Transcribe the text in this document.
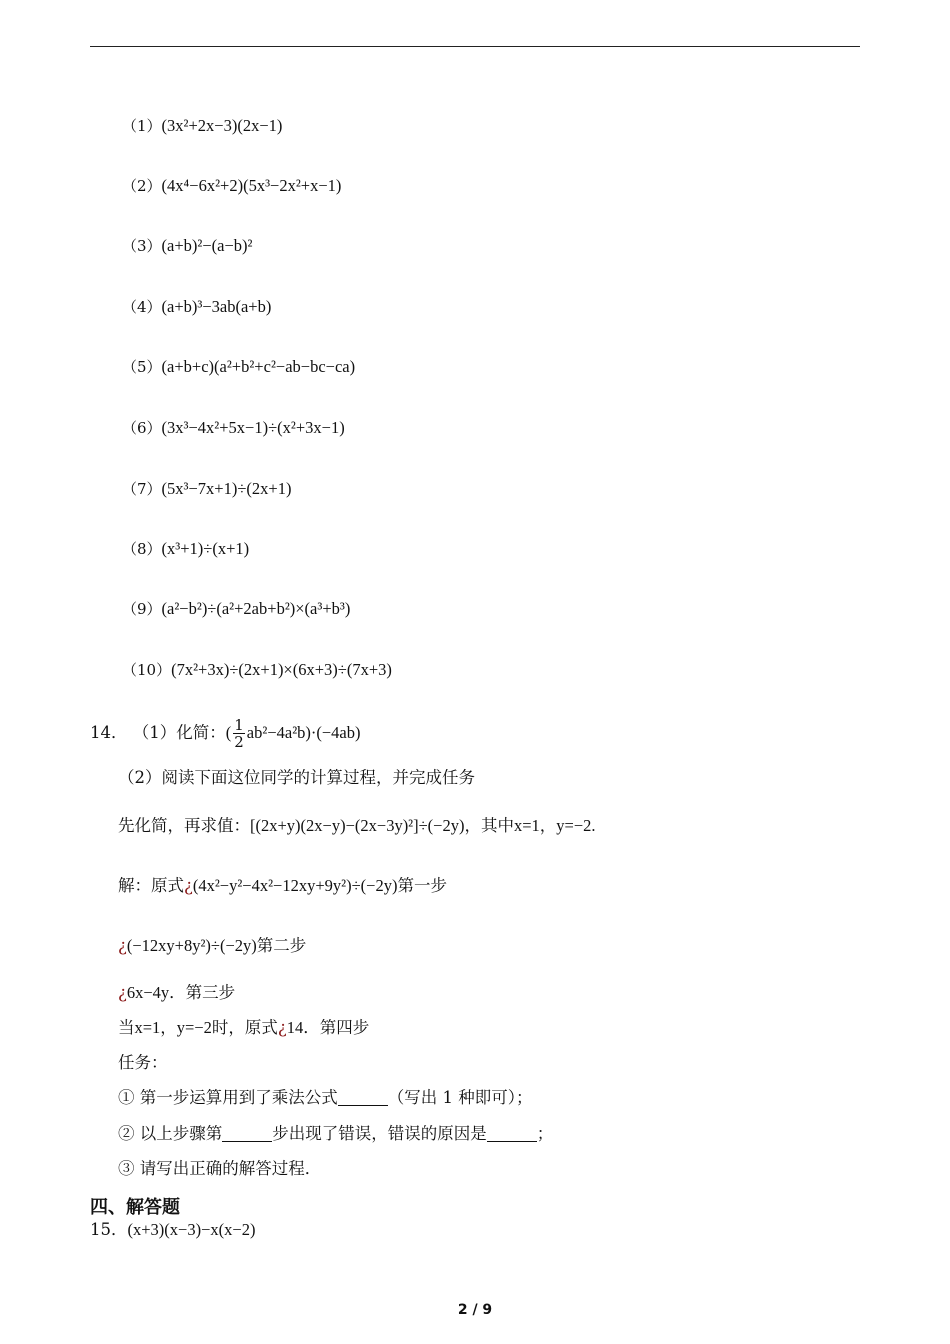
（1）(3x²+2x−3)(2x−1)
（2）(4x⁴−6x²+2)(5x³−2x²+x−1)
（3）(a+b)²−(a−b)²
（4）(a+b)³−3ab(a+b)
（5）(a+b+c)(a²+b²+c²−ab−bc−ca)
（6）(3x³−4x²+5x−1)÷(x²+3x−1)
（7）(5x³−7x+1)÷(2x+1)
（8）(x³+1)÷(x+1)
（9）(a²−b²)÷(a²+2ab+b²)×(a³+b³)
（10）(7x²+3x)÷(2x+1)×(6x+3)÷(7x+3)
14． （1）化简：( $\frac{1}{2} ab^2-4a^2b)\cdot(-4ab)$
（2）阅读下面这位同学的计算过程，并完成任务
先化简，再求值：[(2x+y)(2x−y)−(2x−3y)²]÷(−2y)，其中x=1，y=−2.
解：原式¿(4x²−y²−4x²−12xy+9y²)÷(−2y)第一步
¿(−12xy+8y²)÷(−2y)第二步
¿6x−4y．第三步
当x=1，y=−2时，原式¿14．第四步
任务：
① 第一步运算用到了乘法公式	（写出 1 种即可）；
② 以上步骤第	步出现了错误，错误的原因是	；
③ 请写出正确的解答过程．
四、解答题
15．(x+3)(x−3)−x(x−2)
2 / 9
